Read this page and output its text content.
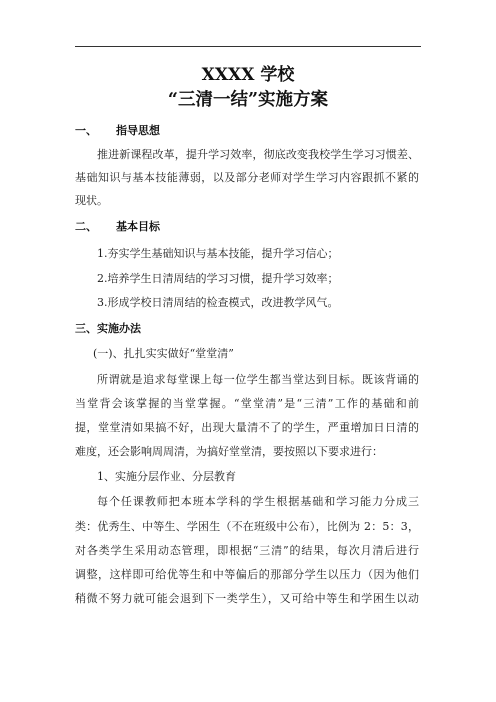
XXXX 学校
“三清一结”实施方案
一、 指导思想
推进新课程改革，提升学习效率，彻底改变我校学生学习习惯差、
基础知识与基本技能薄弱，以及部分老师对学生学习内容跟抓不紧的
现状。
二、 基本目标
1.夯实学生基础知识与基本技能，提升学习信心；
2.培养学生日清周结的学习习惯，提升学习效率；
3.形成学校日清周结的检查模式，改进教学风气。
三、实施办法
(一)、扎扎实实做好“堂堂清”
所谓就是追求每堂课上每一位学生都当堂达到目标。既该背诵的
当堂背会该掌握的当堂掌握。“堂堂清”是“三清”工作的基础和前
提，堂堂清如果搞不好，出现大量清不了的学生，严重增加日日清的
难度，还会影响周周清，为搞好堂堂清，要按照以下要求进行：
1、实施分层作业、分层教育
每个任课教师把本班本学科的学生根据基础和学习能力分成三
类：优秀生、中等生、学困生（不在班级中公布），比例为 2：5：3，
对各类学生采用动态管理，即根据“三清”的结果，每次月清后进行
调整，这样即可给优等生和中等偏后的那部分学生以压力（因为他们
稍微不努力就可能会退到下一类学生），又可给中等生和学困生以动
